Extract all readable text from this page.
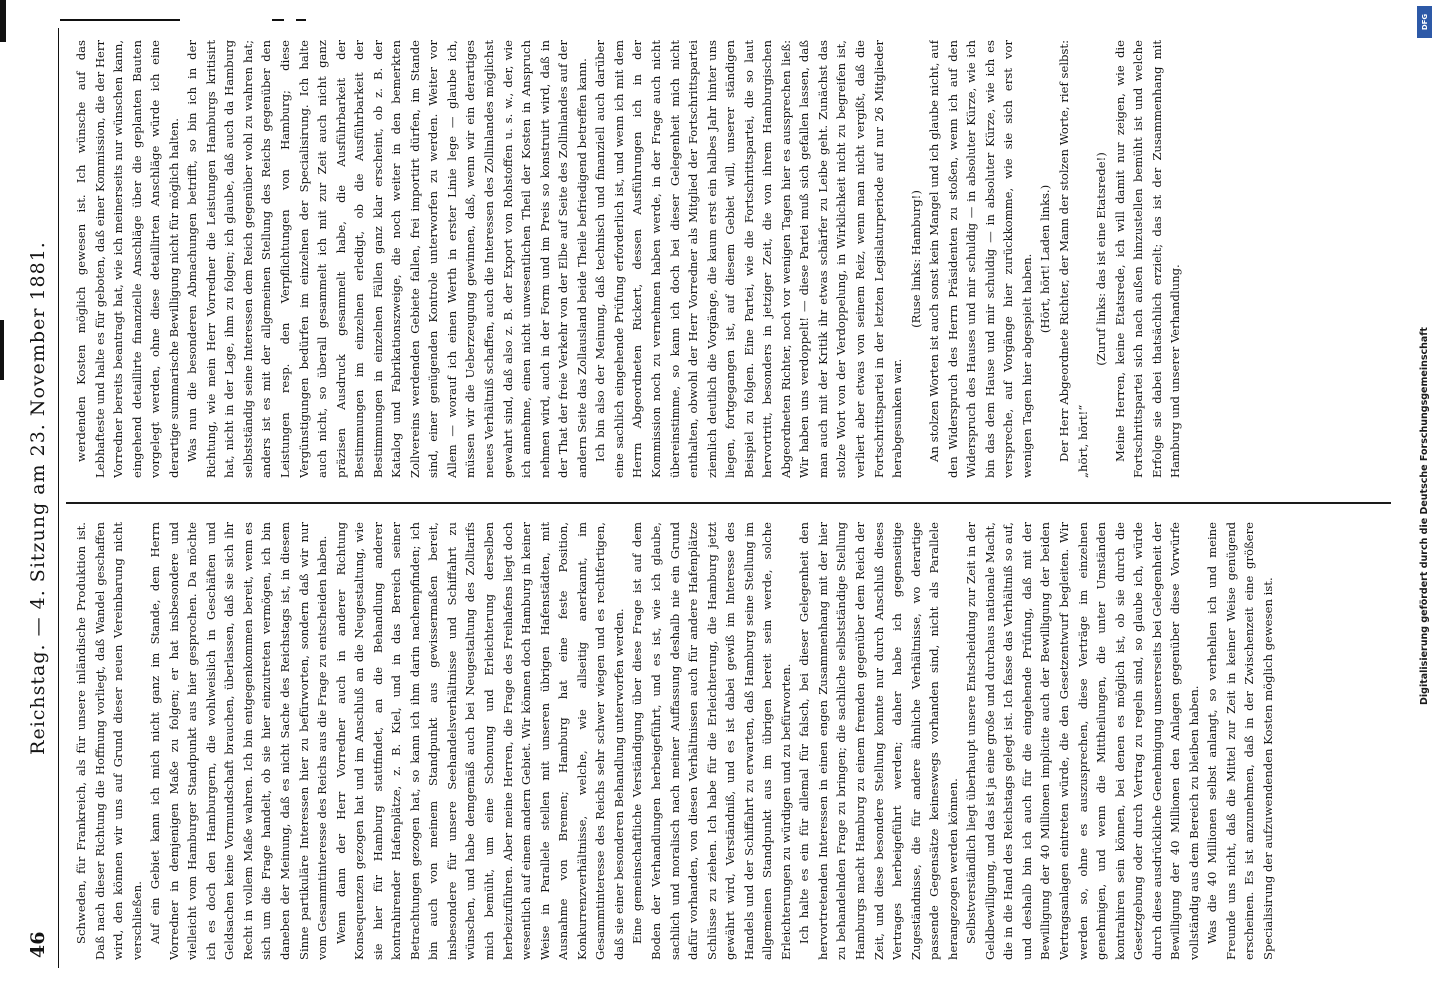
46
Reichstag. — 4. Sitzung am 23. November 1881.	Schweden, für Frankreich, als für unsere inländische Produktion ist. Daß nach dieser Richtung die Hoffnung vorliegt, daß Wandel geschaffen wird, den können wir uns auf Grund dieser neuen Vereinbarung nicht verschließen. Auf ein Gebiet kann ich mich nicht ganz im Stande, dem Herrn Vorredner in demjenigen Maße zu folgen; er hat insbesondere und vielleicht vom Hamburger Standpunkt aus hier gesprochen. Da möchte ich es doch den Hamburgern, die wohlweislich in Geschäften und Geldsachen keine Vormundschaft brauchen, überlassen, daß sie sich ihr Recht in vollem Maße wahren. Ich bin entgegenkommen bereit, wenn es sich um die Frage handelt, ob sie hier einzutreten vermögen, ich bin daneben der Meinung, daß es nicht Sache des Reichstags ist, in diesem Sinne partikuläre Interessen hier zu befürworten, sondern daß wir nur vom Gesammtinteresse des Reichs aus die Frage zu entscheiden haben. Wenn dann der Herr Vorredner auch in anderer Richtung Konsequenzen gezogen hat und im Anschluß an die Neugestaltung, wie sie hier für Hamburg stattfindet, an die Behandlung anderer kontrahirender Hafenplätze, z. B. Kiel, und in das Bereich seiner Betrachtungen gezogen hat, so kann ich ihm darin nachempfinden; ich bin auch von meinem Standpunkt aus gewissermaßen bereit, insbesondere für unsere Seehandelsverhältnisse und Schiffahrt zu wünschen, und habe demgemäß auch bei Neugestaltung des Zolltarifs mich bemüht, um eine Schonung und Erleichterung derselben herbeizuführen. Aber meine Herren, die Frage des Freihafens liegt doch wesentlich auf einem andern Gebiet. Wir können doch Hamburg in keiner Weise in Parallele stellen mit unseren übrigen Hafenstädten, mit Ausnahme von Bremen; Hamburg hat eine feste Position, Konkurrenzverhältnisse, welche, wie allseitig anerkannt, im Gesammtinteresse des Reichs sehr schwer wiegen und es rechtfertigen, daß sie einer besonderen Behandlung unterworfen werden. Eine gemeinschaftliche Verständigung über diese Frage ist auf dem Boden der Verhandlungen herbeigeführt, und es ist, wie ich glaube, sachlich und moralisch nach meiner Auffassung deshalb nie ein Grund dafür vorhanden, von diesen Verhältnissen auch für andere Hafenplätze Schlüsse zu ziehen. Ich habe für die Erleichterung, die Hamburg jetzt gewährt wird, Verständniß, und es ist dabei gewiß im Interesse des Handels und der Schiffahrt zu erwarten, daß Hamburg seine Stellung im allgemeinen Standpunkt aus im übrigen bereit sein werde, solche Erleichterungen zu würdigen und zu befürworten. Ich halte es ein für allemal für falsch, bei dieser Gelegenheit den hervortretenden Interessen in einen engen Zusammenhang mit der hier zu behandelnden Frage zu bringen; die sachliche selbstständige Stellung Hamburgs macht Hamburg zu einem fremden gegenüber dem Reich der Zeit, und diese besondere Stellung konnte nur durch Anschluß dieses Vertrages herbeigeführt werden; daher habe ich gegenseitige Zugeständnisse, die für andere ähnliche Verhältnisse, wo derartige passende Gegensätze keineswegs vorhanden sind, nicht als Parallele herangezogen werden können. Selbstverständlich liegt überhaupt unsere Entscheidung zur Zeit in der Geldbewilligung, und das ist ja eine große und durchaus nationale Macht, die in die Hand des Reichstags gelegt ist. Ich fasse das Verhältniß so auf, und deshalb bin ich auch für die eingehende Prüfung, daß mit der Bewilligung der 40 Millionen implicite auch der Bewilligung der beiden Vertragsanlagen eintreten würde, die den Gesetzentwurf begleiten. Wir werden so, ohne es auszusprechen, diese Verträge im einzelnen genehmigen, und wenn die Mittheilungen, die unter Umständen kontrahiren sein können, bei denen es möglich ist, ob sie durch die Gesetzgebung oder durch Vertrag zu regeln sind, so glaube ich, würde durch diese ausdrückliche Genehmigung unsererseits bei Gelegenheit der Bewilligung der 40 Millionen den Anlagen gegenüber diese Vorwürfe vollständig aus dem Bereich zu bleiben haben. Was die 40 Millionen selbst anlangt, so verhehlen ich und meine Freunde uns nicht, daß die Mittel zur Zeit in keiner Weise genügend erscheinen. Es ist anzunehmen, daß in der Zwischenzeit eine größere Specialisirung der aufzuwendenden Kosten möglich gewesen ist.

werdenden Kosten möglich gewesen ist. Ich wünsche auf das Lebhafteste und halte es für geboten, daß einer Kommission, die der Herr Vorredner bereits beantragt hat, wie ich meinerseits nur wünschen kann, eingehend detaillirte finanzielle Anschläge über die geplanten Bauten vorgelegt werden, ohne diese detaillirten Anschläge würde ich eine derartige summarische Bewilligung nicht für möglich halten. Was nun die besonderen Abmachungen betrifft, so bin ich in der Richtung, wie mein Herr Vorredner die Leistungen Hamburgs kritisirt hat, nicht in der Lage, ihm zu folgen; ich glaube, daß auch da Hamburg selbstständig seine Interessen dem Reich gegenüber wohl zu wahren hat; anders ist es mit der allgemeinen Stellung des Reichs gegenüber den Leistungen resp. den Verpflichtungen von Hamburg; diese Vergünstigungen bedürfen im einzelnen der Specialisirung. Ich halte auch nicht, so überall gesammelt ich mit zur Zeit auch nicht ganz präzisen Ausdruck gesammelt habe, die Ausführbarkeit der Bestimmungen im einzelnen erledigt, ob die Ausführbarkeit der Bestimmungen in einzelnen Fällen ganz klar erscheint, ob z. B. der Katalog und Fabrikationszweige, die noch weiter in den bemerkten Zollvereins werdenden Gebiete fallen, frei importirt dürfen, im Stande sind, einer genügenden Kontrole unterworfen zu werden. Weiter vor Allem — worauf ich einen Werth in erster Linie lege — glaube ich, müssen wir die Ueberzeugung gewinnen, daß, wenn wir ein derartiges neues Verhältniß schaffen, auch die Interessen des Zollinlandes möglichst gewahrt sind, daß also z. B. der Export von Rohstoffen u. s. w., der, wie ich annehme, einen nicht unwesentlichen Theil der Kosten in Anspruch nehmen wird, auch in der Form und im Preis so konstruirt wird, daß in der That der freie Verkehr von der Elbe auf Seite des Zollinlandes auf der andern Seite das Zollausland beide Theile befriedigend betreffen kann. Ich bin also der Meinung, daß technisch und finanziell auch darüber eine sachlich eingehende Prüfung erforderlich ist, und wenn ich mit dem Herrn Abgeordneten Rickert, dessen Ausführungen ich in der Kommission noch zu vernehmen haben werde, in der Frage auch nicht übereinstimme, so kann ich doch bei dieser Gelegenheit mich nicht enthalten, obwohl der Herr Vorredner als Mitglied der Fortschrittspartei ziemlich deutlich die Vorgänge, die kaum erst ein halbes Jahr hinter uns liegen, fortgegangen ist, auf diesem Gebiet will, unserer ständigen Beispiel zu folgen. Eine Partei, wie die Fortschrittspartei, die so laut hervortritt, besonders in jetziger Zeit, die von ihrem Hamburgischen Abgeordneten Richter, noch vor wenigen Tagen hier es aussprechen ließ: Wir haben uns verdoppelt! — diese Partei muß sich gefallen lassen, daß man auch mit der Kritik ihr etwas schärfer zu Leibe geht. Zunächst das stolze Wort von der Verdoppelung, in Wirklichkeit nicht zu begreifen ist, verliert aber etwas von seinem Reiz, wenn man nicht vergißt, daß die Fortschrittspartei in der letzten Legislaturperiode auf nur 26 Mitglieder herabgesunken war.

(Ruse links: Hamburg!) An stolzen Worten ist auch sonst kein Mangel und ich glaube nicht, auf den Widerspruch des Herrn Präsidenten zu stoßen, wenn ich auf den Widerspruch des Hauses und mir schuldig — in absoluter Kürze, wie ich bin das dem Hause und mir schuldig — in absoluter Kürze, wie ich es verspreche, auf Vorgänge hier zurückkomme, wie sie sich erst vor wenigen Tagen hier abgespielt haben. (Hört, hört! Laden links.) Der Herr Abgeordnete Richter, der Mann der stolzen Worte, rief selbst: „hört, hört!“

(Zuruf links: das ist eine Etatsrede!) Meine Herren, keine Etatsrede, ich will damit nur zeigen, wie die Fortschrittspartei sich nach außen hinzustellen bemüht ist und welche Erfolge sie dabei thatsächlich erzielt; das ist der Zusammenhang mit Hamburg und unserer Verhandlung.

DFG
Digitalisierung gefördert durch die Deutsche Forschungsgemeinschaft
